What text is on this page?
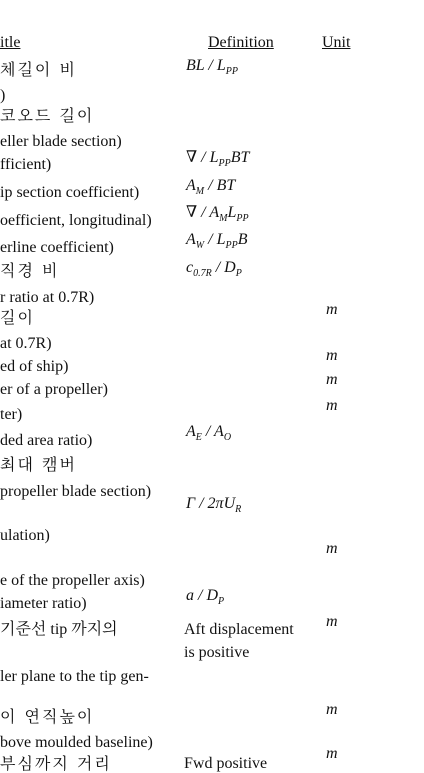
itle	Definition	Unit
체길이 비
)
코오드 길이
eller blade section)
fficient)
ip section coefficient)
oefficient, longitudinal)
erline coefficient)
직경 비
r ratio at 0.7R)
길이
at 0.7R)
ed of ship)
er of a propeller)
ter)
ded area ratio)
최대 캠버
propeller blade section)
ulation)
e of the propeller axis)
iameter ratio)
기준선 tip 까지의
ler plane to the tip gen-
이 연직높이
bove moulded baseline)
부심까지 거리
BL / $L_{PP}$
∇ / $L_{PP}BT$
$A_M$ / BT
∇ / $A_ML_{PP}$
$A_W / L_{PP}B$
$c_{0.7R} / D_P$
$A_E / A_O$
Γ / $2\pi U_R$
a / $D_P$
Aft displacement
is positive
Fwd positive
m
m
m
m
m
m
m
m
